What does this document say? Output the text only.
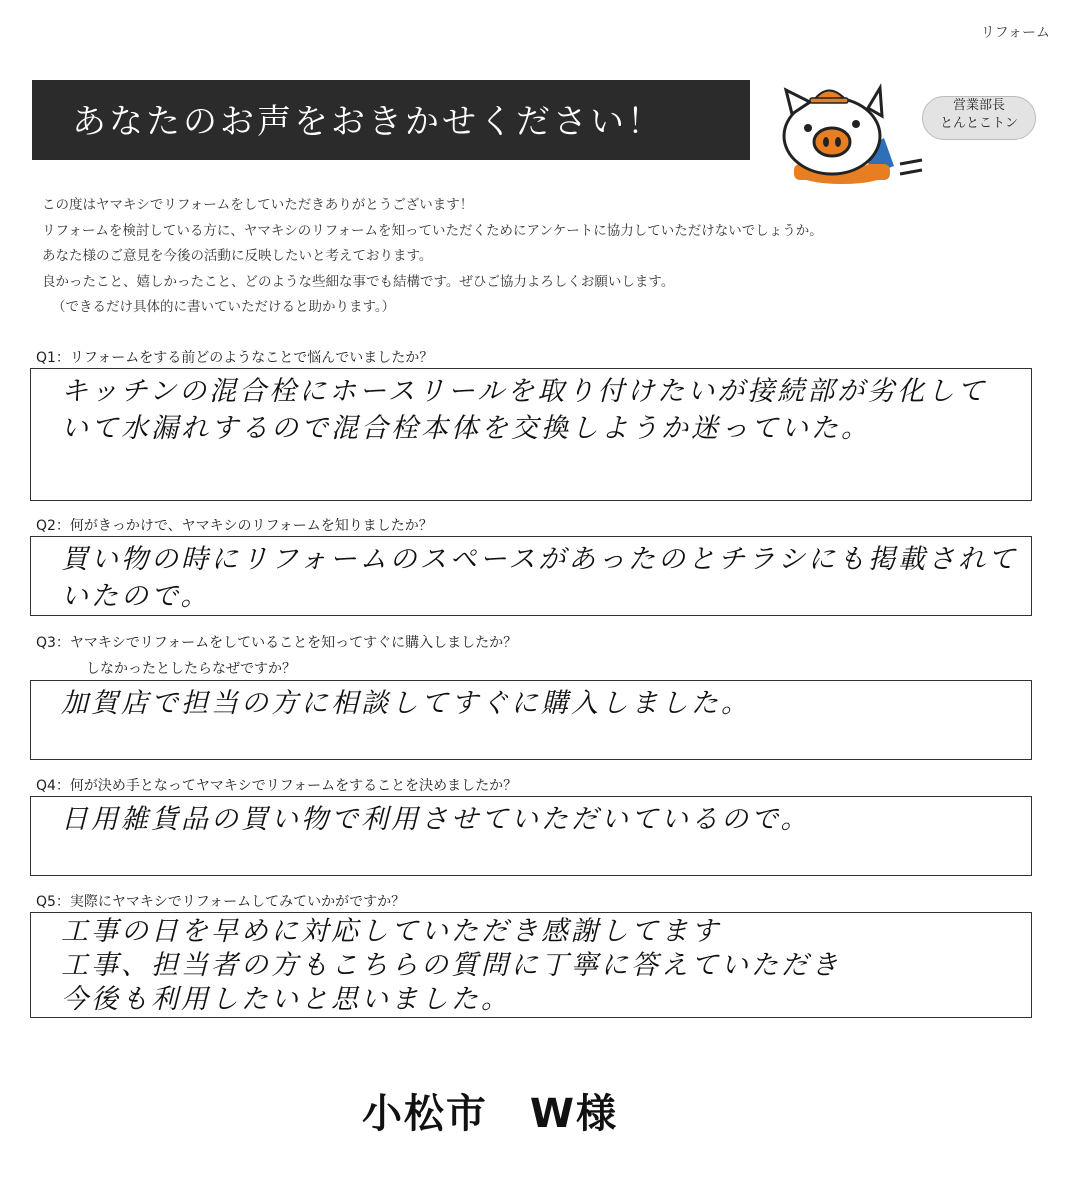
リフォーム
あなたのお声をおきかせください！	営業部長
とんとこトン
この度はヤマキシでリフォームをしていただきありがとうございます！
リフォームを検討している方に、ヤマキシのリフォームを知っていただくためにアンケートに協力していただけないでしょうか。
あなた様のご意見を今後の活動に反映したいと考えております。
良かったこと、嬉しかったこと、どのような些細な事でも結構です。ぜひご協力よろしくお願いします。
（できるだけ具体的に書いていただけると助かります。）
Q1：リフォームをする前どのようなことで悩んでいましたか？
キッチンの混合栓にホースリールを取り付けたいが接続部が劣化して
いて水漏れするので混合栓本体を交換しようか迷っていた。
Q2：何がきっかけで、ヤマキシのリフォームを知りましたか？
買い物の時にリフォームのスペースがあったのとチラシにも掲載されて
いたので。
Q3：ヤマキシでリフォームをしていることを知ってすぐに購入しましたか？
しなかったとしたらなぜですか？
加賀店で担当の方に相談してすぐに購入しました。
Q4：何が決め手となってヤマキシでリフォームをすることを決めましたか？
日用雑貨品の買い物で利用させていただいているので。
Q5：実際にヤマキシでリフォームしてみていかがですか？
工事の日を早めに対応していただき感謝してます
工事、担当者の方もこちらの質問に丁寧に答えていただき
今後も利用したいと思いました。
小松市　W様
